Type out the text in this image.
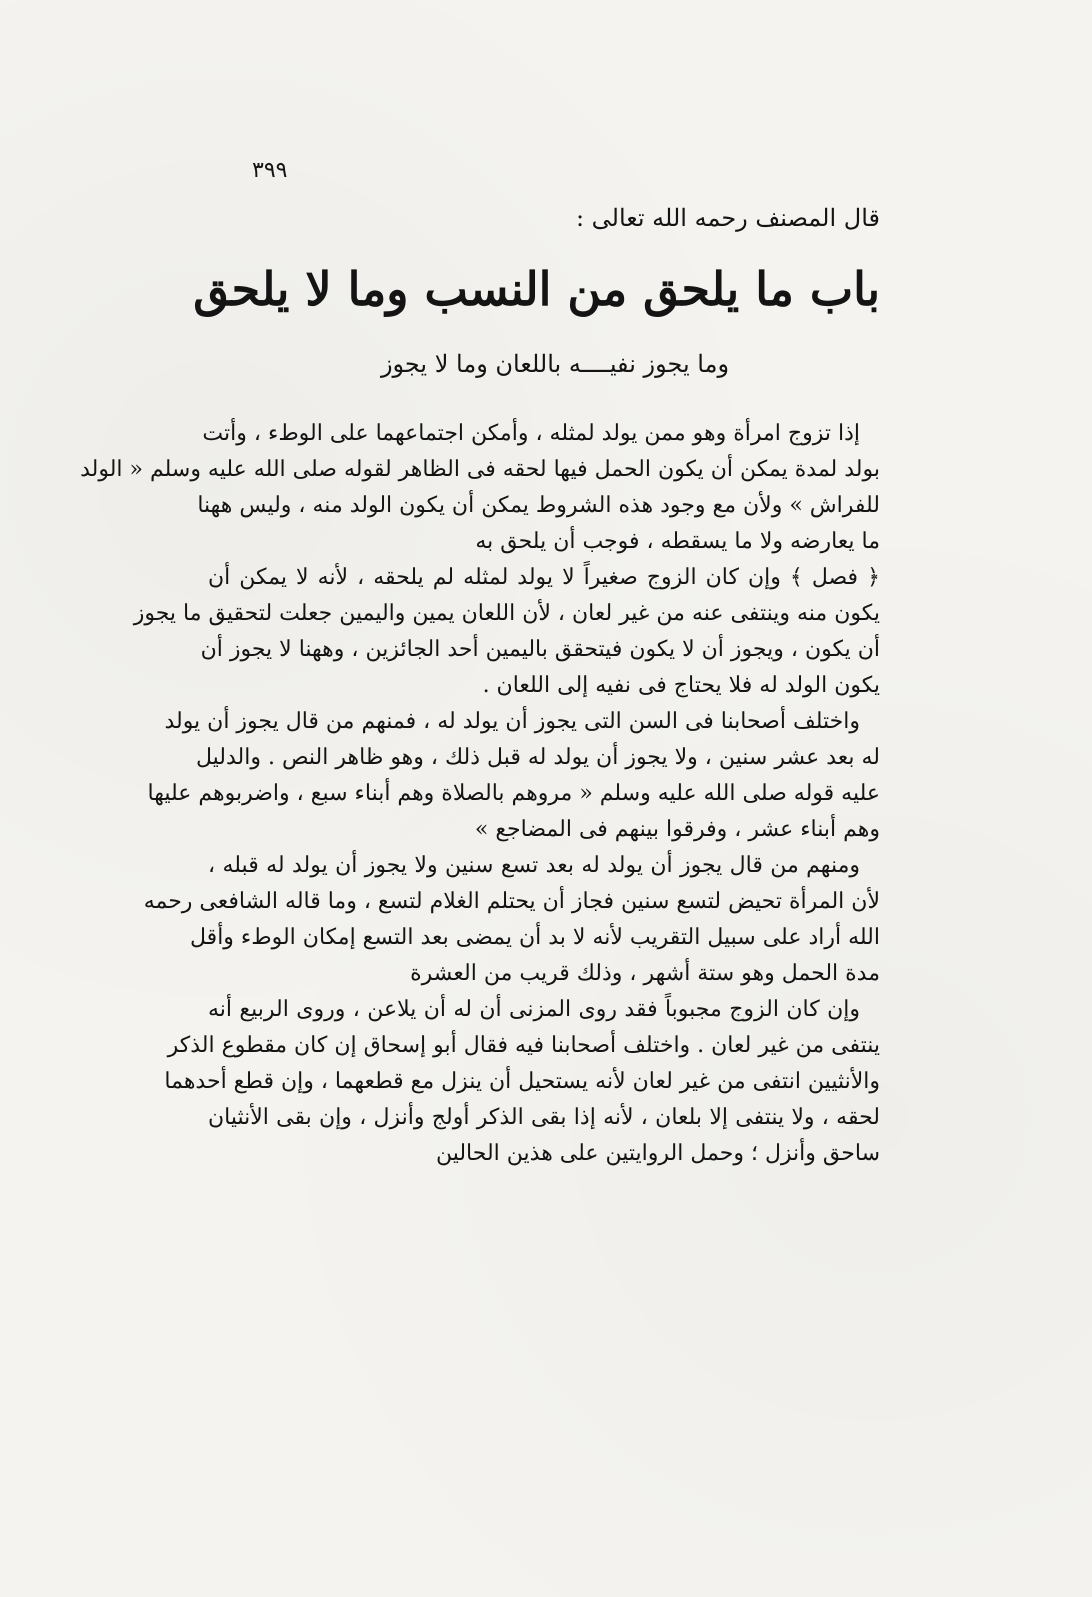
٣٩٩
قال المصنف رحمه الله تعالى :
باب ما يلحق من النسب وما لا يلحق
وما يجوز نفيــــه باللعان وما لا يجوز
إذا تزوج امرأة وهو ممن يولد لمثله ، وأمكن اجتماعهما على الوطء ، وأتت
بولد لمدة يمكن أن يكون الحمل فيها لحقه فى الظاهر لقوله صلى الله عليه وسلم « الولد
للفراش » ولأن مع وجود هذه الشروط يمكن أن يكون الولد منه ، وليس ههنا
ما يعارضه ولا ما يسقطه ، فوجب أن يلحق به
﴿ فصل ﴾ وإن كان الزوج صغيراً لا يولد لمثله لم يلحقه ، لأنه لا يمكن أن
يكون منه وينتفى عنه من غير لعان ، لأن اللعان يمين واليمين جعلت لتحقيق ما يجوز
أن يكون ، ويجوز أن لا يكون فيتحقق باليمين أحد الجائزين ، وههنا لا يجوز أن
يكون الولد له فلا يحتاج فى نفيه إلى اللعان .
واختلف أصحابنا فى السن التى يجوز أن يولد له ، فمنهم من قال يجوز أن يولد
له بعد عشر سنين ، ولا يجوز أن يولد له قبل ذلك ، وهو ظاهر النص . والدليل
عليه قوله صلى الله عليه وسلم « مروهم بالصلاة وهم أبناء سبع ، واضربوهم عليها
وهم أبناء عشر ، وفرقوا بينهم فى المضاجع »
ومنهم من قال يجوز أن يولد له بعد تسع سنين ولا يجوز أن يولد له قبله ،
لأن المرأة تحيض لتسع سنين فجاز أن يحتلم الغلام لتسع ، وما قاله الشافعى رحمه
الله أراد على سبيل التقريب لأنه لا بد أن يمضى بعد التسع إمكان الوطء وأقل
مدة الحمل وهو ستة أشهر ، وذلك قريب من العشرة
وإن كان الزوج مجبوباً فقد روى المزنى أن له أن يلاعن ، وروى الربيع أنه
ينتفى من غير لعان . واختلف أصحابنا فيه فقال أبو إسحاق إن كان مقطوع الذكر
والأنثيين انتفى من غير لعان لأنه يستحيل أن ينزل مع قطعهما ، وإن قطع أحدهما
لحقه ، ولا ينتفى إلا بلعان ، لأنه إذا بقى الذكر أولج وأنزل ، وإن بقى الأنثيان
ساحق وأنزل ؛ وحمل الروايتين على هذين الحالين
